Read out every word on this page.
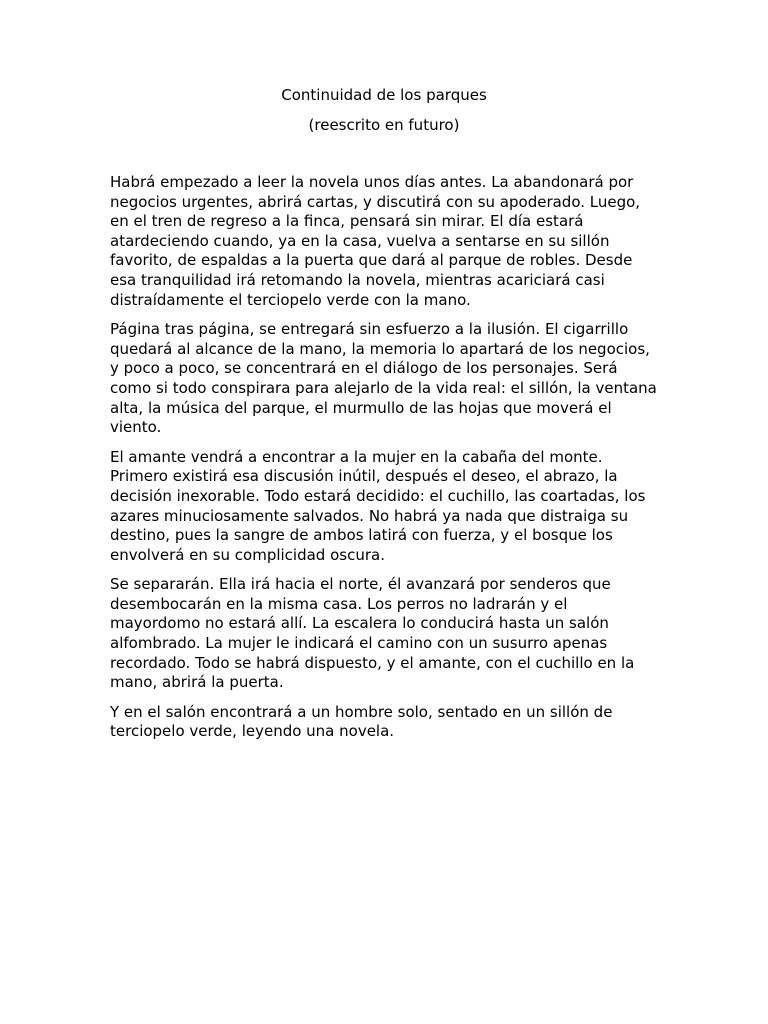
Continuidad de los parques
(reescrito en futuro)

Habrá empezado a leer la novela unos días antes. La abandonará por negocios urgentes, abrirá cartas, y discutirá con su apoderado. Luego, en el tren de regreso a la finca, pensará sin mirar. El día estará atardeciendo cuando, ya en la casa, vuelva a sentarse en su sillón favorito, de espaldas a la puerta que dará al parque de robles. Desde esa tranquilidad irá retomando la novela, mientras acariciará casi distraídamente el terciopelo verde con la mano.

Página tras página, se entregará sin esfuerzo a la ilusión. El cigarrillo quedará al alcance de la mano, la memoria lo apartará de los negocios, y poco a poco, se concentrará en el diálogo de los personajes. Será como si todo conspirara para alejarlo de la vida real: el sillón, la ventana alta, la música del parque, el murmullo de las hojas que moverá el viento.

El amante vendrá a encontrar a la mujer en la cabaña del monte. Primero existirá esa discusión inútil, después el deseo, el abrazo, la decisión inexorable. Todo estará decidido: el cuchillo, las coartadas, los azares minuciosamente salvados. No habrá ya nada que distraiga su destino, pues la sangre de ambos latirá con fuerza, y el bosque los envolverá en su complicidad oscura.

Se separarán. Ella irá hacia el norte, él avanzará por senderos que desembocarán en la misma casa. Los perros no ladrarán y el mayordomo no estará allí. La escalera lo conducirá hasta un salón alfombrado. La mujer le indicará el camino con un susurro apenas recordado. Todo se habrá dispuesto, y el amante, con el cuchillo en la mano, abrirá la puerta.

Y en el salón encontrará a un hombre solo, sentado en un sillón de terciopelo verde, leyendo una novela.
